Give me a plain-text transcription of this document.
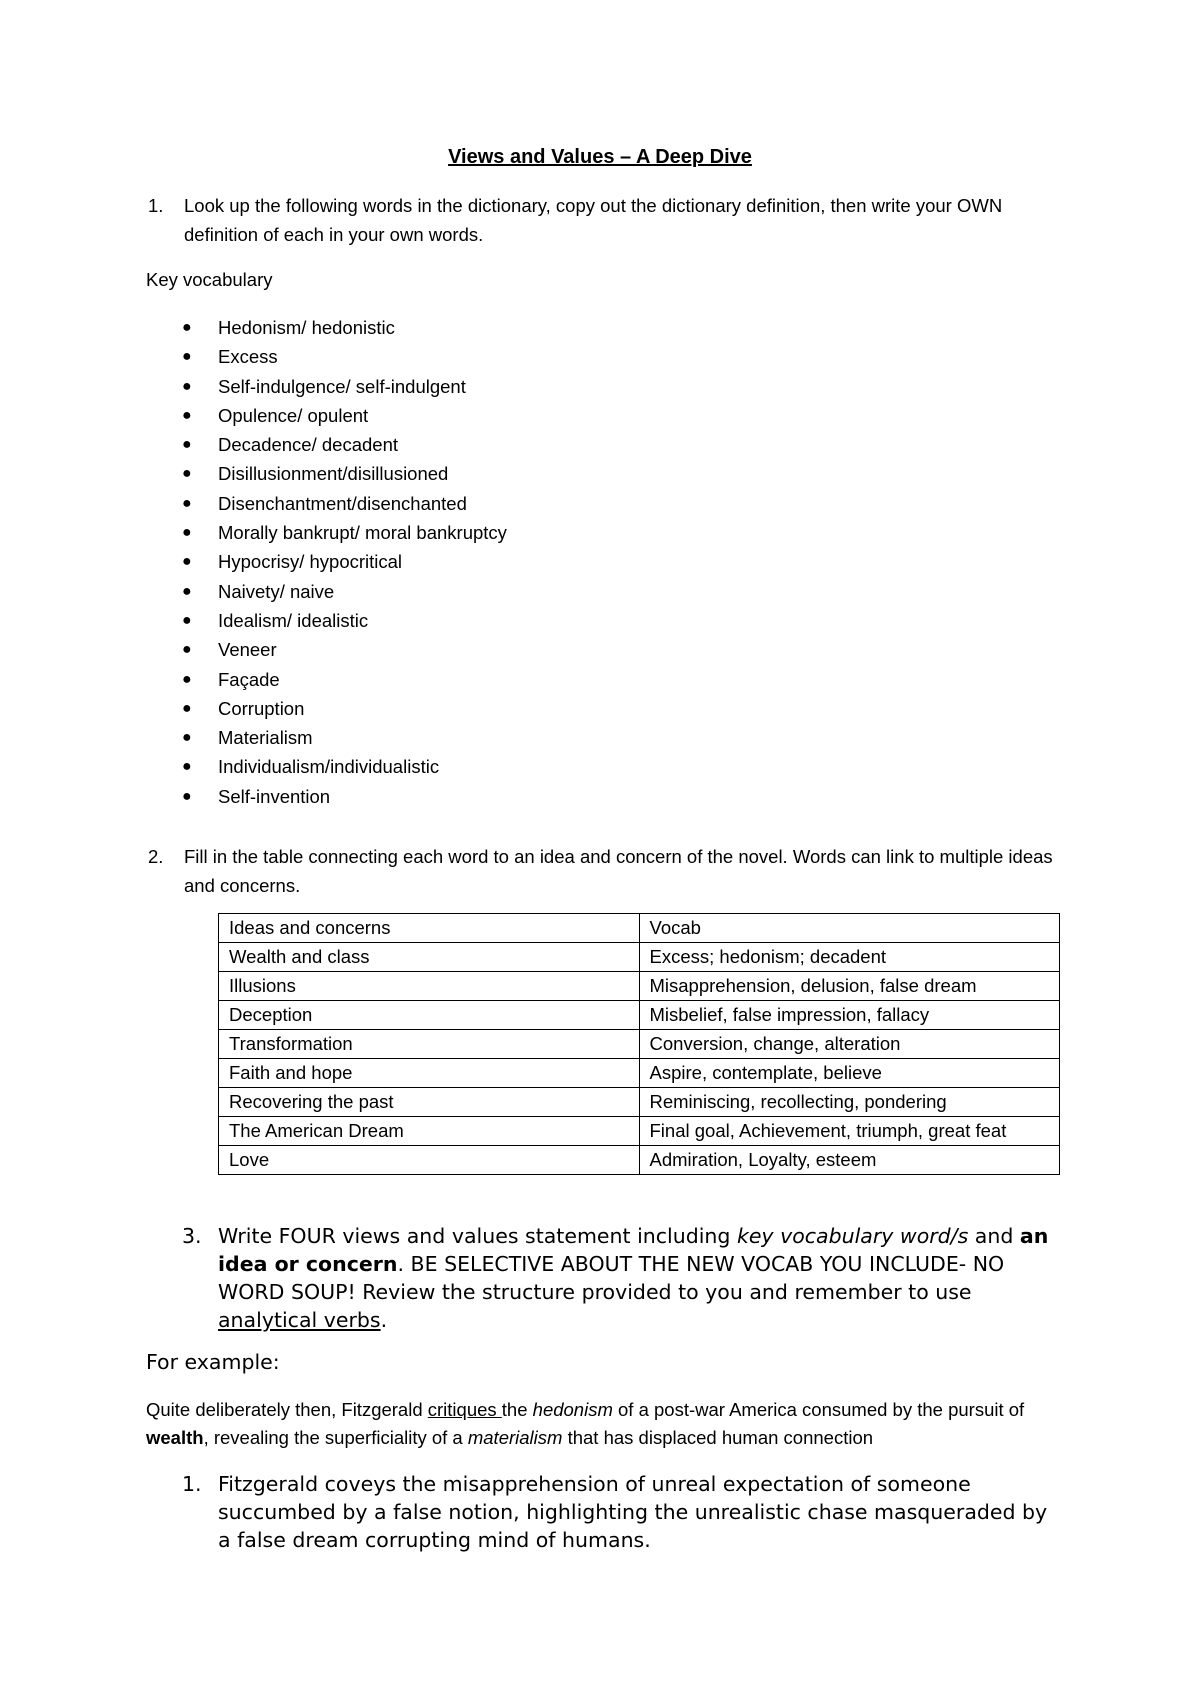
Views and Values – A Deep Dive
1. Look up the following words in the dictionary, copy out the dictionary definition, then write your OWN definition of each in your own words.
Key vocabulary
● Hedonism/ hedonistic
● Excess
● Self-indulgence/ self-indulgent
● Opulence/ opulent
● Decadence/ decadent
● Disillusionment/disillusioned
● Disenchantment/disenchanted
● Morally bankrupt/ moral bankruptcy
● Hypocrisy/ hypocritical
● Naivety/ naive
● Idealism/ idealistic
● Veneer
● Façade
● Corruption
● Materialism
● Individualism/individualistic
● Self-invention
2. Fill in the table connecting each word to an idea and concern of the novel. Words can link to multiple ideas and concerns.
Ideas and concerns	Vocab
Wealth and class	Excess; hedonism; decadent
Illusions	Misapprehension, delusion, false dream
Deception	Misbelief, false impression, fallacy
Transformation	Conversion, change, alteration
Faith and hope	Aspire, contemplate, believe
Recovering the past	Reminiscing, recollecting, pondering
The American Dream	Final goal, Achievement, triumph, great feat
Love	Admiration, Loyalty, esteem
3. Write FOUR views and values statement including key vocabulary word/s and an idea or concern. BE SELECTIVE ABOUT THE NEW VOCAB YOU INCLUDE- NO WORD SOUP! Review the structure provided to you and remember to use analytical verbs.
For example:
Quite deliberately then, Fitzgerald critiques the hedonism of a post-war America consumed by the pursuit of wealth, revealing the superficiality of a materialism that has displaced human connection
1. Fitzgerald coveys the misapprehension of unreal expectation of someone succumbed by a false notion, highlighting the unrealistic chase masqueraded by a false dream corrupting mind of humans.
